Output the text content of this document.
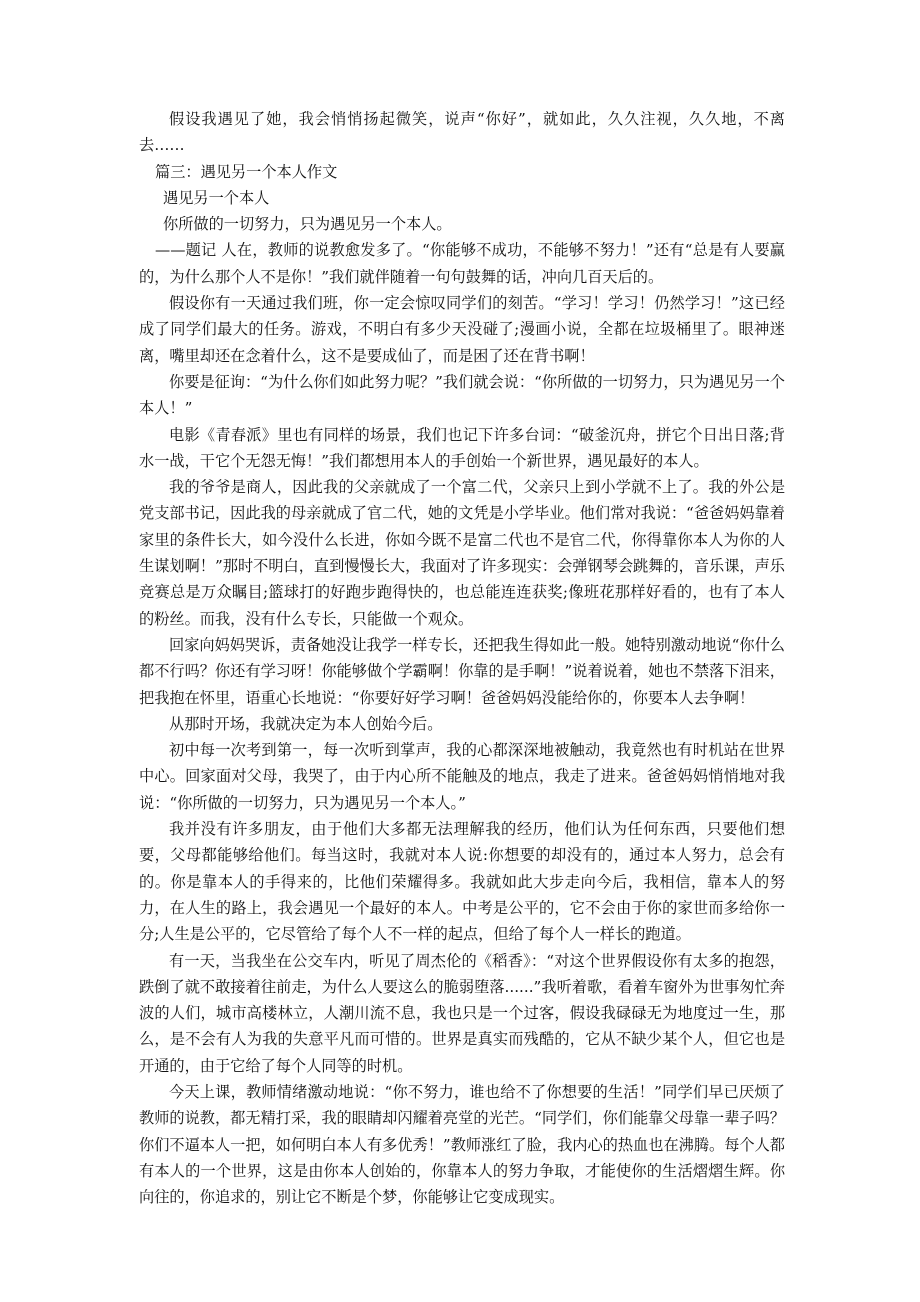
假设我遇见了她，我会悄悄扬起微笑，说声“你好”，就如此，久久注视，久久地，不离去……

篇三：遇见另一个本人作文

遇见另一个本人

你所做的一切努力，只为遇见另一个本人。

——题记 人在，教师的说教愈发多了。“你能够不成功，不能够不努力！”还有“总是有人要赢的，为什么那个人不是你！”我们就伴随着一句句鼓舞的话，冲向几百天后的。

假设你有一天通过我们班，你一定会惊叹同学们的刻苦。“学习！学习！仍然学习！”这已经成了同学们最大的任务。游戏，不明白有多少天没碰了;漫画小说，全都在垃圾桶里了。眼神迷离，嘴里却还在念着什么，这不是要成仙了，而是困了还在背书啊！

你要是征询：“为什么你们如此努力呢？”我们就会说：“你所做的一切努力，只为遇见另一个本人！”

电影《青春派》里也有同样的场景，我们也记下许多台词：“破釜沉舟，拼它个日出日落;背水一战，干它个无怨无悔！”我们都想用本人的手创始一个新世界，遇见最好的本人。

我的爷爷是商人，因此我的父亲就成了一个富二代，父亲只上到小学就不上了。我的外公是党支部书记，因此我的母亲就成了官二代，她的文凭是小学毕业。他们常对我说：“爸爸妈妈靠着家里的条件长大，如今没什么长进，你如今既不是富二代也不是官二代，你得靠你本人为你的人生谋划啊！”那时不明白，直到慢慢长大，我面对了许多现实：会弹钢琴会跳舞的，音乐课，声乐竞赛总是万众瞩目;篮球打的好跑步跑得快的，也总能连连获奖;像班花那样好看的，也有了本人的粉丝。而我，没有什么专长，只能做一个观众。

回家向妈妈哭诉，责备她没让我学一样专长，还把我生得如此一般。她特别激动地说“你什么都不行吗？你还有学习呀！你能够做个学霸啊！你靠的是手啊！”说着说着，她也不禁落下泪来，把我抱在怀里，语重心长地说：“你要好好学习啊！爸爸妈妈没能给你的，你要本人去争啊！

从那时开场，我就决定为本人创始今后。

初中每一次考到第一，每一次听到掌声，我的心都深深地被触动，我竟然也有时机站在世界中心。回家面对父母，我哭了，由于内心所不能触及的地点，我走了进来。爸爸妈妈悄悄地对我说：“你所做的一切努力，只为遇见另一个本人。”

我并没有许多朋友，由于他们大多都无法理解我的经历，他们认为任何东西，只要他们想要，父母都能够给他们。每当这时，我就对本人说:你想要的却没有的，通过本人努力，总会有的。你是靠本人的手得来的，比他们荣耀得多。我就如此大步走向今后，我相信，靠本人的努力，在人生的路上，我会遇见一个最好的本人。中考是公平的，它不会由于你的家世而多给你一分;人生是公平的，它尽管给了每个人不一样的起点，但给了每个人一样长的跑道。

有一天，当我坐在公交车内，听见了周杰伦的《稻香》：“对这个世界假设你有太多的抱怨，跌倒了就不敢接着往前走，为什么人要这么的脆弱堕落......”我听着歌，看着车窗外为世事匆忙奔波的人们，城市高楼林立，人潮川流不息，我也只是一个过客，假设我碌碌无为地度过一生，那么，是不会有人为我的失意平凡而可惜的。世界是真实而残酷的，它从不缺少某个人，但它也是开通的，由于它给了每个人同等的时机。

今天上课，教师情绪激动地说：“你不努力，谁也给不了你想要的生活！”同学们早已厌烦了教师的说教，都无精打采，我的眼睛却闪耀着亮堂的光芒。“同学们，你们能靠父母靠一辈子吗？你们不逼本人一把，如何明白本人有多优秀！”教师涨红了脸，我内心的热血也在沸腾。每个人都有本人的一个世界，这是由你本人创始的，你靠本人的努力争取，才能使你的生活熠熠生辉。你向往的，你追求的，别让它不断是个梦，你能够让它变成现实。
